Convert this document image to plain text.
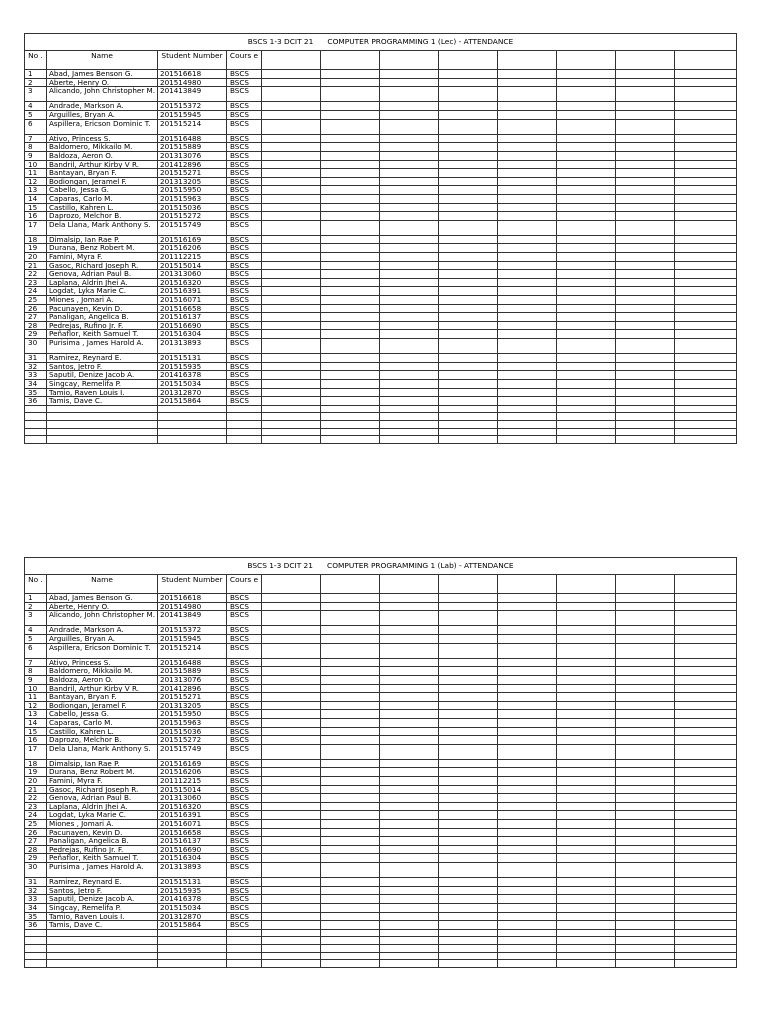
BSCS 1-3 DCIT 21      COMPUTER PROGRAMMING 1 (Lec) - ATTENDANCE											
No .	Name	Student Number	Cours e								
1	Abad, James Benson G.	201516618	BSCS								
2	Aberte, Henry O.	201514980	BSCS								
3	Alicando, John Christopher M.	201413849	BSCS								
4	Andrade, Markson A.	201515372	BSCS								
5	Arguilles, Bryan A.	201515945	BSCS								
6	Aspillera, Ericson Dominic T.	201515214	BSCS								
7	Ativo, Princess S.	201516488	BSCS								
8	Baldomero, Mikkailo M.	201515889	BSCS								
9	Baldoza, Aeron O.	201313076	BSCS								
10	Bandril, Arthur Kirby V R.	201412896	BSCS								
11	Bantayan, Bryan F.	201515271	BSCS								
12	Bodiongan, Jeramel F.	201313205	BSCS								
13	Cabello, Jessa G.	201515950	BSCS								
14	Caparas, Carlo M.	201515963	BSCS								
15	Castillo, Kahren L.	201515036	BSCS								
16	Daprozo, Melchor B.	201515272	BSCS								
17	Dela Llana, Mark Anthony S.	201515749	BSCS								
18	Dimalsip, Ian Rae P.	201516169	BSCS								
19	Durana, Benz Robert M.	201516206	BSCS								
20	Famini, Myra F.	201112215	BSCS								
21	Gasoc, Richard Joseph R.	201515014	BSCS								
22	Genova, Adrian Paul B.	201313060	BSCS								
23	Laplana, Aldrin Jhei A.	201516320	BSCS								
24	Logdat, Lyka Marie C.	201516391	BSCS								
25	Miones , Jomari A.	201516071	BSCS								
26	Pacunayen, Kevin D.	201516658	BSCS								
27	Panaligan, Angelica B.	201516137	BSCS								
28	Pedrejas, Rufino Jr. F.	201516690	BSCS								
29	Peñaflor, Keith Samuel T.	201516304	BSCS								
30	Purisima , James Harold A.	201313893	BSCS								
31	Ramirez, Reynard E.	201515131	BSCS								
32	Santos, Jetro F.	201515935	BSCS								
33	Saputil, Denize Jacob A.	201416378	BSCS								
34	Singcay, Remelifa P.	201515034	BSCS								
35	Tamio, Raven Louis I.	201312870	BSCS								
36	Tamis, Dave C.	201515864	BSCS								

BSCS 1-3 DCIT 21      COMPUTER PROGRAMMING 1 (Lab) - ATTENDANCE											
No .	Name	Student Number	Cours e								
1	Abad, James Benson G.	201516618	BSCS								
2	Aberte, Henry O.	201514980	BSCS								
3	Alicando, John Christopher M.	201413849	BSCS								
4	Andrade, Markson A.	201515372	BSCS								
5	Arguilles, Bryan A.	201515945	BSCS								
6	Aspillera, Ericson Dominic T.	201515214	BSCS								
7	Ativo, Princess S.	201516488	BSCS								
8	Baldomero, Mikkailo M.	201515889	BSCS								
9	Baldoza, Aeron O.	201313076	BSCS								
10	Bandril, Arthur Kirby V R.	201412896	BSCS								
11	Bantayan, Bryan F.	201515271	BSCS								
12	Bodiongan, Jeramel F.	201313205	BSCS								
13	Cabello, Jessa G.	201515950	BSCS								
14	Caparas, Carlo M.	201515963	BSCS								
15	Castillo, Kahren L.	201515036	BSCS								
16	Daprozo, Melchor B.	201515272	BSCS								
17	Dela Llana, Mark Anthony S.	201515749	BSCS								
18	Dimalsip, Ian Rae P.	201516169	BSCS								
19	Durana, Benz Robert M.	201516206	BSCS								
20	Famini, Myra F.	201112215	BSCS								
21	Gasoc, Richard Joseph R.	201515014	BSCS								
22	Genova, Adrian Paul B.	201313060	BSCS								
23	Laplana, Aldrin Jhei A.	201516320	BSCS								
24	Logdat, Lyka Marie C.	201516391	BSCS								
25	Miones , Jomari A.	201516071	BSCS								
26	Pacunayen, Kevin D.	201516658	BSCS								
27	Panaligan, Angelica B.	201516137	BSCS								
28	Pedrejas, Rufino Jr. F.	201516690	BSCS								
29	Peñaflor, Keith Samuel T.	201516304	BSCS								
30	Purisima , James Harold A.	201313893	BSCS								
31	Ramirez, Reynard E.	201515131	BSCS								
32	Santos, Jetro F.	201515935	BSCS								
33	Saputil, Denize Jacob A.	201416378	BSCS								
34	Singcay, Remelifa P.	201515034	BSCS								
35	Tamio, Raven Louis I.	201312870	BSCS								
36	Tamis, Dave C.	201515864	BSCS								
